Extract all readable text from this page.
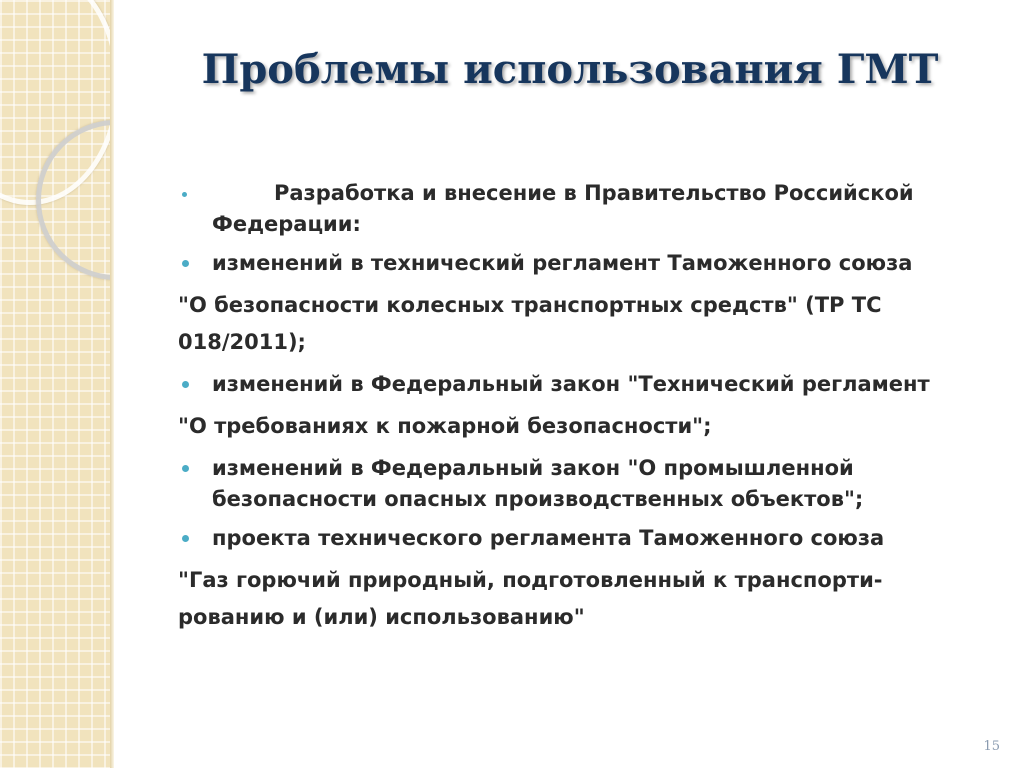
Проблемы использования ГМТ
Разработка и внесение в Правительство Российской
Федерации:
изменений в технический регламент Таможенного союза
"О безопасности колесных транспортных средств" (ТР ТС 018/2011);
изменений в Федеральный закон "Технический регламент
"О требованиях к пожарной безопасности";
изменений в Федеральный закон "О промышленной безопасности опасных производственных объектов";
проекта технического регламента Таможенного союза
"Газ горючий природный, подготовленный к транспорти- рованию и (или) использованию"
15
